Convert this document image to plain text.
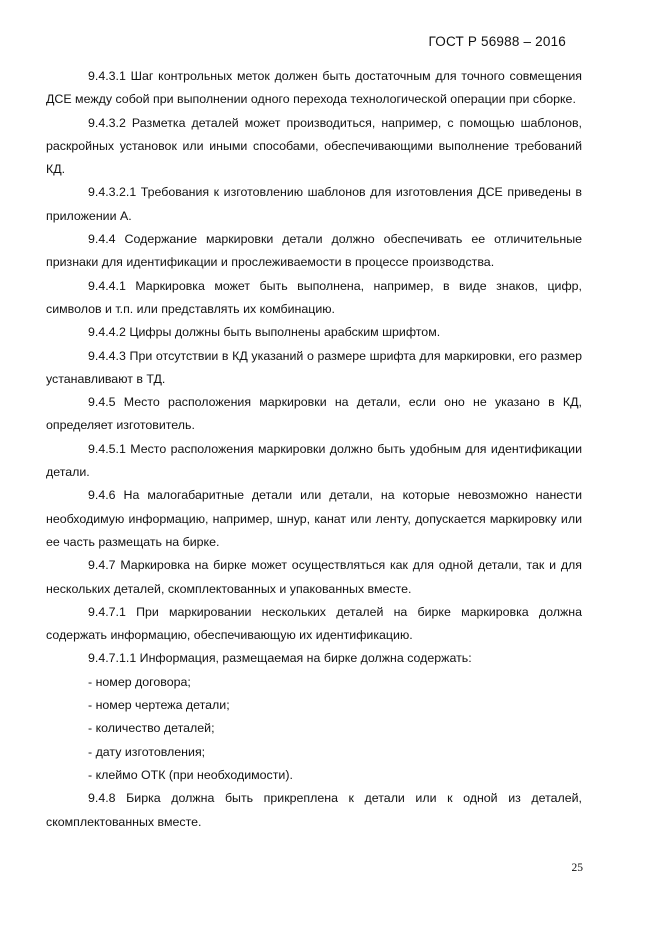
ГОСТ Р 56988 – 2016

9.4.3.1 Шаг контрольных меток должен быть достаточным для точного совмещения ДСЕ между собой при выполнении одного перехода технологической операции при сборке.

9.4.3.2 Разметка деталей может производиться, например, с помощью шаблонов, раскройных установок или иными способами, обеспечивающими выполнение требований КД.

9.4.3.2.1 Требования к изготовлению шаблонов для изготовления ДСЕ приведены в приложении А.

9.4.4 Содержание маркировки детали должно обеспечивать ее отличительные признаки для идентификации и прослеживаемости в процессе производства.

9.4.4.1 Маркировка может быть выполнена, например, в виде знаков, цифр, символов и т.п. или представлять их комбинацию.

9.4.4.2 Цифры должны быть выполнены арабским шрифтом.

9.4.4.3 При отсутствии в КД указаний о размере шрифта для маркировки, его размер устанавливают в ТД.

9.4.5 Место расположения маркировки на детали, если оно не указано в КД, определяет изготовитель.

9.4.5.1 Место расположения маркировки должно быть удобным для идентификации детали.

9.4.6 На малогабаритные детали или детали, на которые невозможно нанести необходимую информацию, например, шнур, канат или ленту, допускается маркировку или ее часть размещать на бирке.

9.4.7 Маркировка на бирке может осуществляться как для одной детали, так и для нескольких деталей, скомплектованных и упакованных вместе.

9.4.7.1 При маркировании нескольких деталей на бирке маркировка должна содержать информацию, обеспечивающую их идентификацию.

9.4.7.1.1 Информация, размещаемая на бирке должна содержать:

- номер договора;

- номер чертежа детали;

- количество деталей;

- дату изготовления;

- клеймо ОТК (при необходимости).

9.4.8 Бирка должна быть прикреплена к детали или к одной из деталей, скомплектованных вместе.

25
